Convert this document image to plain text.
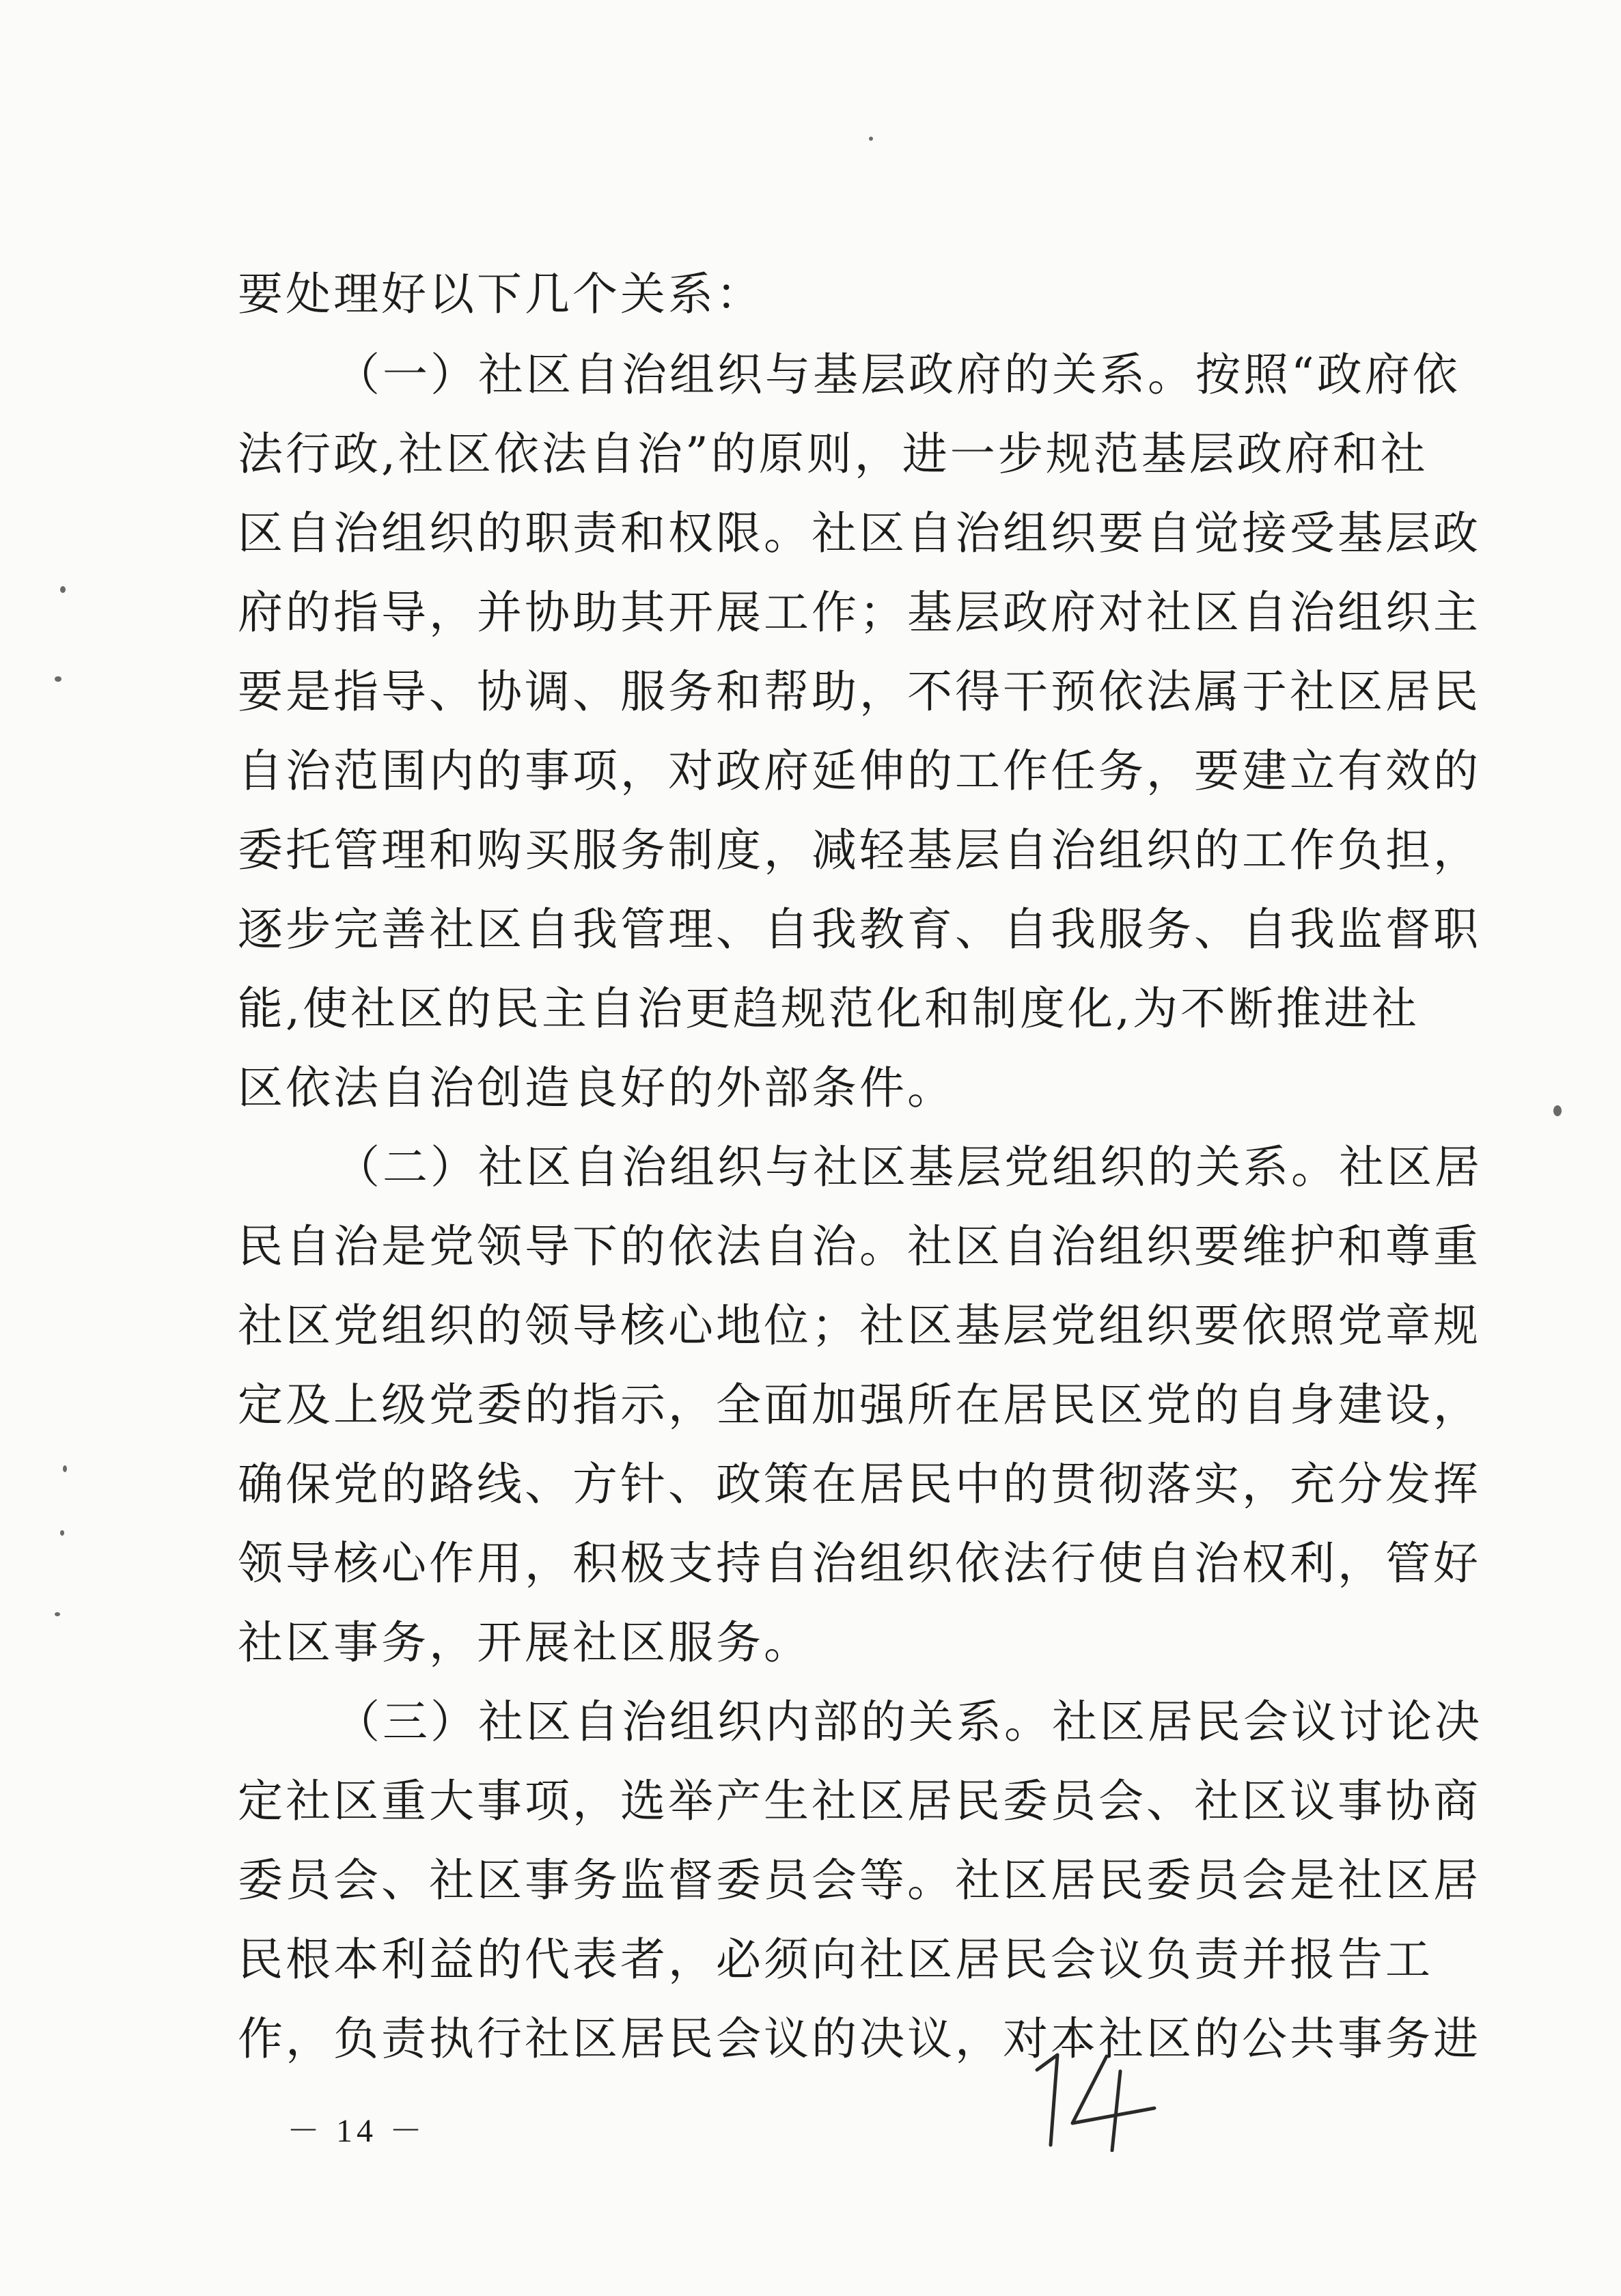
要处理好以下几个关系：
（一）社区自治组织与基层政府的关系。按照“政府依
法行政,社区依法自治”的原则，进一步规范基层政府和社
区自治组织的职责和权限。社区自治组织要自觉接受基层政
府的指导，并协助其开展工作；基层政府对社区自治组织主
要是指导、协调、服务和帮助，不得干预依法属于社区居民
自治范围内的事项，对政府延伸的工作任务，要建立有效的
委托管理和购买服务制度，减轻基层自治组织的工作负担，
逐步完善社区自我管理、自我教育、自我服务、自我监督职
能,使社区的民主自治更趋规范化和制度化,为不断推进社
区依法自治创造良好的外部条件。
（二）社区自治组织与社区基层党组织的关系。社区居
民自治是党领导下的依法自治。社区自治组织要维护和尊重
社区党组织的领导核心地位；社区基层党组织要依照党章规
定及上级党委的指示，全面加强所在居民区党的自身建设，
确保党的路线、方针、政策在居民中的贯彻落实，充分发挥
领导核心作用，积极支持自治组织依法行使自治权利，管好
社区事务，开展社区服务。
（三）社区自治组织内部的关系。社区居民会议讨论决
定社区重大事项，选举产生社区居民委员会、社区议事协商
委员会、社区事务监督委员会等。社区居民委员会是社区居
民根本利益的代表者，必须向社区居民会议负责并报告工
作，负责执行社区居民会议的决议，对本社区的公共事务进
－ 14 －
